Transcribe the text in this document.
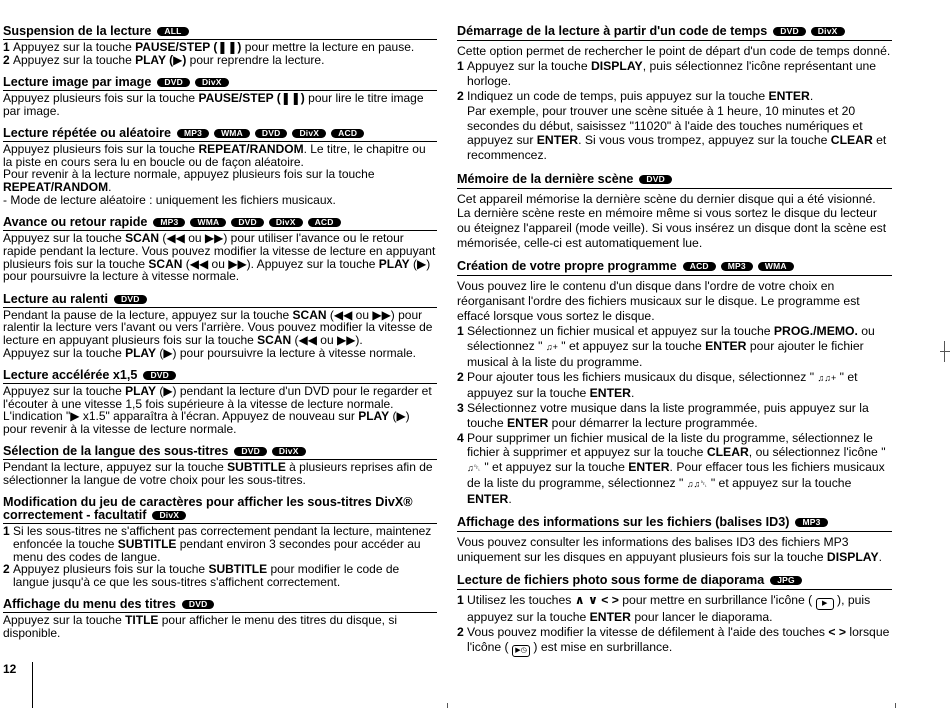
Suspension de la lecture ALL
1 Appuyez sur la touche PAUSE/STEP (❚❚) pour mettre la lecture en pause.
2 Appuyez sur la touche PLAY (▶) pour reprendre la lecture.
Lecture image par image DVD DivX

Appuyez plusieurs fois sur la touche PAUSE/STEP (❚❚) pour lire le titre image par image.

Lecture répétée ou aléatoire MP3 WMA DVD DivX ACD

Appuyez plusieurs fois sur la touche REPEAT/RANDOM. Le titre, le chapitre ou la piste en cours sera lu en boucle ou de façon aléatoire.
Pour revenir à la lecture normale, appuyez plusieurs fois sur la touche REPEAT/RANDOM.
- Mode de lecture aléatoire : uniquement les fichiers musicaux.

Avance ou retour rapide MP3 WMA DVD DivX ACD

Appuyez sur la touche SCAN (◀◀ ou ▶▶) pour utiliser l'avance ou le retour rapide pendant la lecture. Vous pouvez modifier la vitesse de lecture en appuyant plusieurs fois sur la touche SCAN (◀◀ ou ▶▶). Appuyez sur la touche PLAY (▶) pour poursuivre la lecture à vitesse normale.

Lecture au ralenti DVD

Pendant la pause de la lecture, appuyez sur la touche SCAN (◀◀ ou ▶▶) pour ralentir la lecture vers l'avant ou vers l'arrière. Vous pouvez modifier la vitesse de lecture en appuyant plusieurs fois sur la touche SCAN (◀◀ ou ▶▶).
Appuyez sur la touche PLAY (▶) pour poursuivre la lecture à vitesse normale.

Lecture accélérée x1,5 DVD

Appuyez sur la touche PLAY (▶) pendant la lecture d'un DVD pour le regarder et l'écouter à une vitesse 1,5 fois supérieure à la vitesse de lecture normale. L'indication "▶ x1.5" apparaîtra à l'écran. Appuyez de nouveau sur PLAY (▶) pour revenir à la vitesse de lecture normale.

Sélection de la langue des sous-titres DVD DivX

Pendant la lecture, appuyez sur la touche SUBTITLE à plusieurs reprises afin de sélectionner la langue de votre choix pour les sous-titres.

Modification du jeu de caractères pour afficher les sous-titres DivX® correctement - facultatif DivX
1 Si les sous-titres ne s'affichent pas correctement pendant la lecture, maintenez enfoncée la touche SUBTITLE pendant environ 3 secondes pour accéder au menu des codes de langue.
2 Appuyez plusieurs fois sur la touche SUBTITLE pour modifier le code de langue jusqu'à ce que les sous-titres s'affichent correctement.
Affichage du menu des titres DVD

Appuyez sur la touche TITLE pour afficher le menu des titres du disque, si disponible.

Démarrage de la lecture à partir d'un code de temps DVD DivX

Cette option permet de rechercher le point de départ d'un code de temps donné.

1 Appuyez sur la touche DISPLAY, puis sélectionnez l'icône représentant une horloge.
2 Indiquez un code de temps, puis appuyez sur la touche ENTER.
Par exemple, pour trouver une scène située à 1 heure, 10 minutes et 20 secondes du début, saisissez "11020" à l'aide des touches numériques et appuyez sur ENTER. Si vous vous trompez, appuyez sur la touche CLEAR et recommencez.
Mémoire de la dernière scène DVD

Cet appareil mémorise la dernière scène du dernier disque qui a été visionné. La dernière scène reste en mémoire même si vous sortez le disque du lecteur ou éteignez l'appareil (mode veille). Si vous insérez un disque dont la scène est mémorisée, celle-ci est automatiquement lue.

Création de votre propre programme ACD MP3 WMA

Vous pouvez lire le contenu d'un disque dans l'ordre de votre choix en réorganisant l'ordre des fichiers musicaux sur le disque. Le programme est effacé lorsque vous sortez le disque.

1 Sélectionnez un fichier musical et appuyez sur la touche PROG./MEMO. ou sélectionnez " ♫+ " et appuyez sur la touche ENTER pour ajouter le fichier musical à la liste du programme.
2 Pour ajouter tous les fichiers musicaux du disque, sélectionnez " ♫♫+ " et appuyez sur la touche ENTER.
3 Sélectionnez votre musique dans la liste programmée, puis appuyez sur la touche ENTER pour démarrer la lecture programmée.
4 Pour supprimer un fichier musical de la liste du programme, sélectionnez le fichier à supprimer et appuyez sur la touche CLEAR, ou sélectionnez l'icône " ♫␡ " et appuyez sur la touche ENTER. Pour effacer tous les fichiers musicaux de la liste du programme, sélectionnez " ♫♫␡ " et appuyez sur la touche ENTER.
Affichage des informations sur les fichiers (balises ID3) MP3

Vous pouvez consulter les informations des balises ID3 des fichiers MP3 uniquement sur les disques en appuyant plusieurs fois sur la touche DISPLAY.

Lecture de fichiers photo sous forme de diaporama JPG
1 Utilisez les touches ∧ ∨ < > pour mettre en surbrillance l'icône ( ▶ ), puis appuyez sur la touche ENTER pour lancer le diaporama.
2 Vous pouvez modifier la vitesse de défilement à l'aide des touches < > lorsque l'icône ( ▶◷ ) est mise en surbrillance.
12
